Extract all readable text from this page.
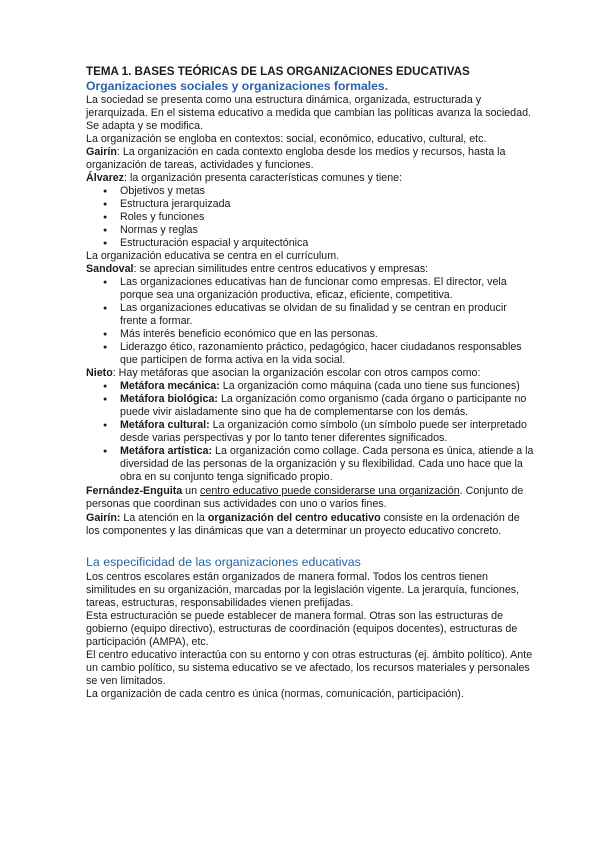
TEMA 1. BASES TEÓRICAS DE LAS ORGANIZACIONES EDUCATIVAS

Organizaciones sociales y organizaciones formales.

La sociedad se presenta como una estructura dinámica, organizada, estructurada y jerarquizada. En el sistema educativo a medida que cambian las políticas avanza la sociedad. Se adapta y se modifica.

La organización se engloba en contextos: social, económico, educativo, cultural, etc.

Gairín: La organización en cada contexto engloba desde los medios y recursos, hasta la organización de tareas, actividades y funciones.

Álvarez: la organización presenta características comunes y tiene:

● Objetivos y metas
● Estructura jerarquizada
● Roles y funciones
● Normas y reglas
● Estructuración espacial y arquitectónica

La organización educativa se centra en el currículum.

Sandoval: se aprecian similitudes entre centros educativos y empresas:

● Las organizaciones educativas han de funcionar como empresas. El director, vela porque sea una organización productiva, eficaz, eficiente, competitiva.
● Las organizaciones educativas se olvidan de su finalidad y se centran en producir frente a formar.
● Más interés beneficio económico que en las personas.
● Liderazgo ético, razonamiento práctico, pedagógico, hacer ciudadanos responsables que participen de forma activa en la vida social.

Nieto: Hay metáforas que asocian la organización escolar con otros campos como:

● Metáfora mecánica: La organización como máquina (cada uno tiene sus funciones)
● Metáfora biológica: La organización como organismo (cada órgano o participante no puede vivir aisladamente sino que ha de complementarse con los demás.
● Metáfora cultural: La organización como símbolo (un símbolo puede ser interpretado desde varias perspectivas y por lo tanto tener diferentes significados.
● Metáfora artística: La organización como collage. Cada persona es única, atiende a la diversidad de las personas de la organización y su flexibilidad. Cada uno hace que la obra en su conjunto tenga significado propio.

Fernández-Enguita un centro educativo puede considerarse una organización. Conjunto de personas que coordinan sus actividades con uno o varios fines.

Gairín: La atención en la organización del centro educativo consiste en la ordenación de los componentes y las dinámicas que van a determinar un proyecto educativo concreto.

La especificidad de las organizaciones educativas

Los centros escolares están organizados de manera formal. Todos los centros tienen similitudes en su organización, marcadas por la legislación vigente. La jerarquía, funciones, tareas, estructuras, responsabilidades vienen prefijadas.

Esta estructuración se puede establecer de manera formal. Otras son las estructuras de gobierno (equipo directivo), estructuras de coordinación (equipos docentes), estructuras de participación (AMPA), etc.

El centro educativo interactúa con su entorno y con otras estructuras (ej. ámbito político). Ante un cambio político, su sistema educativo se ve afectado, los recursos materiales y personales se ven limitados.

La organización de cada centro es única (normas, comunicación, participación).
